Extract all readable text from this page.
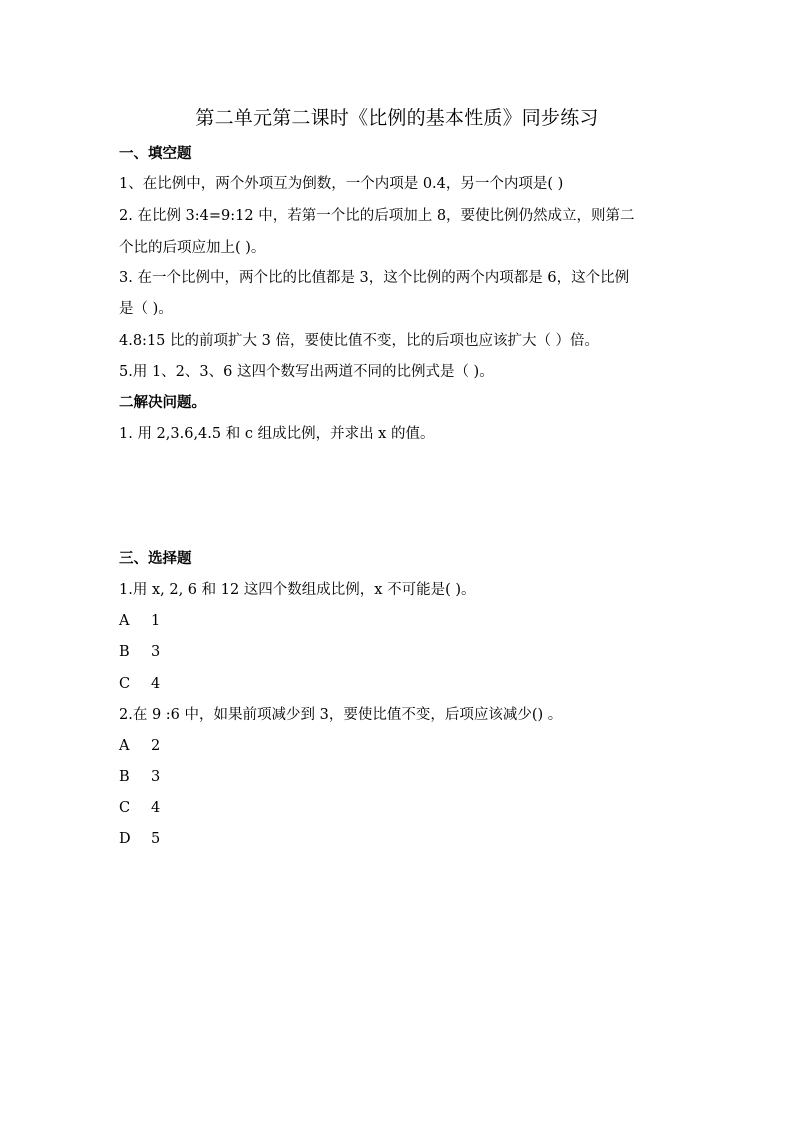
第二单元第二课时《比例的基本性质》同步练习
一、填空题
1、在比例中，两个外项互为倒数，一个内项是 0.4，另一个内项是( )
2. 在比例 3:4=9:12 中，若第一个比的后项加上 8，要使比例仍然成立，则第二
个比的后项应加上( )。
3. 在一个比例中，两个比的比值都是 3，这个比例的两个内项都是 6，这个比例
是（ )。
4.8:15 比的前项扩大 3 倍，要使比值不变，比的后项也应该扩大（ ）倍。
5.用 1、2、3、6 这四个数写出两道不同的比例式是（ )。
二解决问题。
1. 用 2,3.6,4.5 和 c 组成比例，并求出 x 的值。
三、选择题
1.用 x, 2, 6 和 12 这四个数组成比例，x 不可能是( )。
A 1
B 3
C 4
2.在 9 :6 中，如果前项减少到 3，要使比值不变，后项应该减少() 。
A 2
B 3
C 4
D 5
